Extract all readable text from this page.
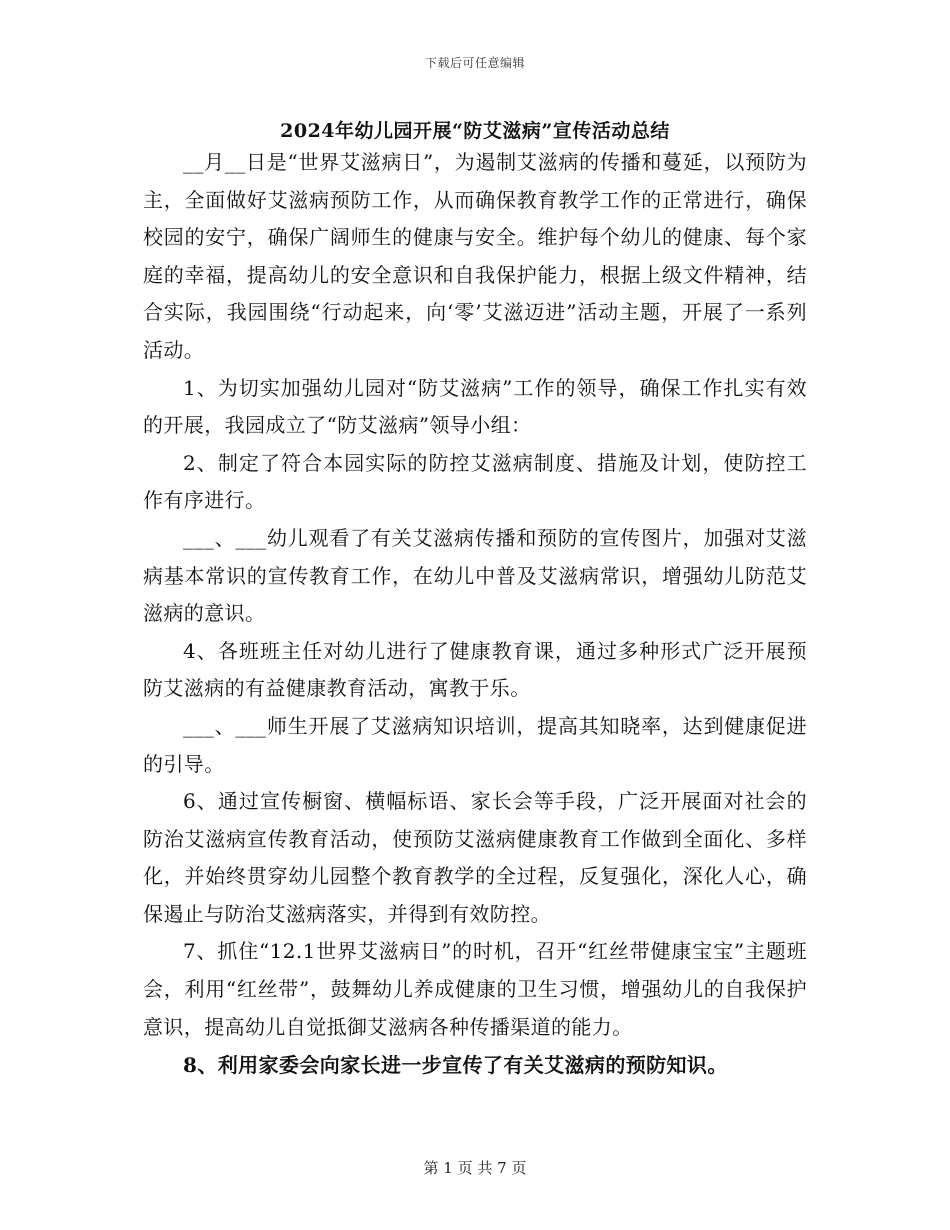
下载后可任意编辑
2024年幼儿园开展“防艾滋病”宣传活动总结

__月__日是“世界艾滋病日”，为遏制艾滋病的传播和蔓延，以预防为主，全面做好艾滋病预防工作，从而确保教育教学工作的正常进行，确保校园的安宁，确保广阔师生的健康与安全。维护每个幼儿的健康、每个家庭的幸福，提高幼儿的安全意识和自我保护能力，根据上级文件精神，结合实际，我园围绕“行动起来，向‘零’艾滋迈进”活动主题，开展了一系列活动。

1、为切实加强幼儿园对“防艾滋病”工作的领导，确保工作扎实有效的开展，我园成立了“防艾滋病”领导小组：

2、制定了符合本园实际的防控艾滋病制度、措施及计划，使防控工作有序进行。

___、___幼儿观看了有关艾滋病传播和预防的宣传图片，加强对艾滋病基本常识的宣传教育工作，在幼儿中普及艾滋病常识，增强幼儿防范艾滋病的意识。

4、各班班主任对幼儿进行了健康教育课，通过多种形式广泛开展预防艾滋病的有益健康教育活动，寓教于乐。

___、___师生开展了艾滋病知识培训，提高其知晓率，达到健康促进的引导。

6、通过宣传橱窗、横幅标语、家长会等手段，广泛开展面对社会的防治艾滋病宣传教育活动，使预防艾滋病健康教育工作做到全面化、多样化，并始终贯穿幼儿园整个教育教学的全过程，反复强化，深化人心，确保遏止与防治艾滋病落实，并得到有效防控。

7、抓住“12.1世界艾滋病日”的时机，召开“红丝带健康宝宝”主题班会，利用“红丝带”，鼓舞幼儿养成健康的卫生习惯，增强幼儿的自我保护意识，提高幼儿自觉抵御艾滋病各种传播渠道的能力。

8、利用家委会向家长进一步宣传了有关艾滋病的预防知识。

第 1 页 共 7 页
